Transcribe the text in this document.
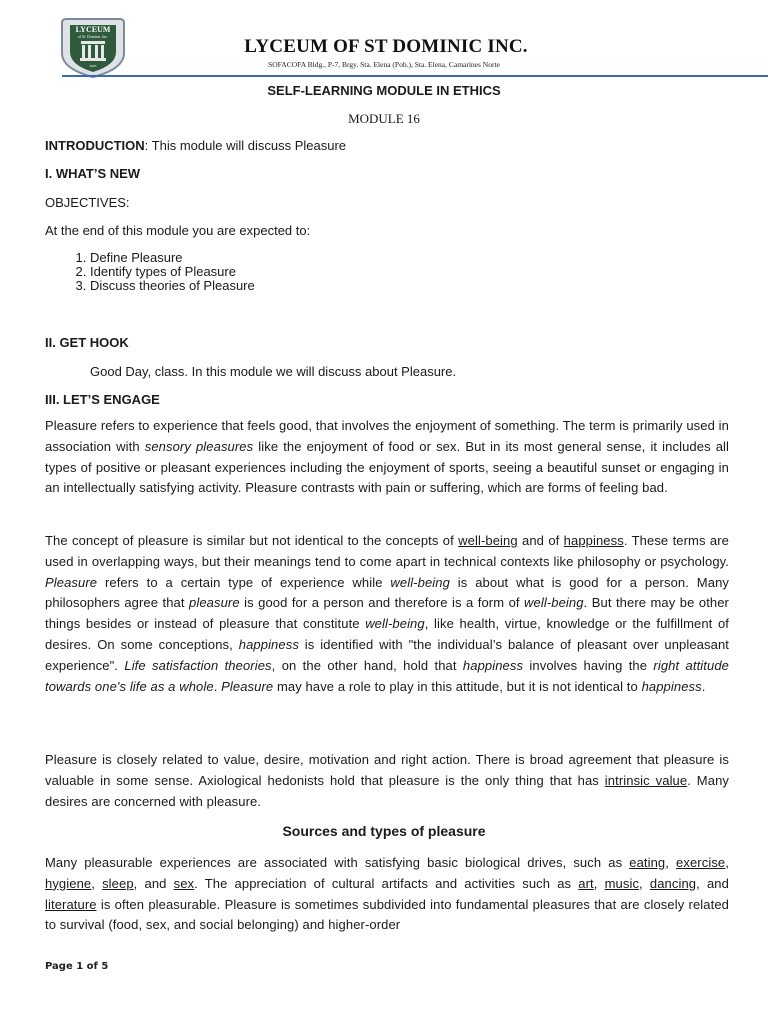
LYCEUM
of St. Dominic, Inc.
2005
LYCEUM OF ST DOMINIC INC.
SOFACOFA Bldg., P-7, Brgy. Sta. Elena (Pob.), Sta. Elena, Camarines Norte
SELF-LEARNING MODULE IN ETHICS
MODULE 16
INTRODUCTION: This module will discuss Pleasure
I. WHAT’S NEW
OBJECTIVES:
At the end of this module you are expected to:
1. Define Pleasure
2. Identify types of Pleasure
3. Discuss theories of Pleasure
II. GET HOOK
Good Day, class. In this module we will discuss about Pleasure.
III. LET’S ENGAGE

Pleasure refers to experience that feels good, that involves the enjoyment of something. The term is primarily used in association with sensory pleasures like the enjoyment of food or sex. But in its most general sense, it includes all types of positive or pleasant experiences including the enjoyment of sports, seeing a beautiful sunset or engaging in an intellectually satisfying activity. Pleasure contrasts with pain or suffering, which are forms of feeling bad.

The concept of pleasure is similar but not identical to the concepts of well-being and of happiness. These terms are used in overlapping ways, but their meanings tend to come apart in technical contexts like philosophy or psychology. Pleasure refers to a certain type of experience while well-being is about what is good for a person. Many philosophers agree that pleasure is good for a person and therefore is a form of well-being. But there may be other things besides or instead of pleasure that constitute well-being, like health, virtue, knowledge or the fulfillment of desires. On some conceptions, happiness is identified with "the individual’s balance of pleasant over unpleasant experience". Life satisfaction theories, on the other hand, hold that happiness involves having the right attitude towards one's life as a whole. Pleasure may have a role to play in this attitude, but it is not identical to happiness.

Pleasure is closely related to value, desire, motivation and right action. There is broad agreement that pleasure is valuable in some sense. Axiological hedonists hold that pleasure is the only thing that has intrinsic value. Many desires are concerned with pleasure.

Sources and types of pleasure

Many pleasurable experiences are associated with satisfying basic biological drives, such as eating, exercise, hygiene, sleep, and sex. The appreciation of cultural artifacts and activities such as art, music, dancing, and literature is often pleasurable. Pleasure is sometimes subdivided into fundamental pleasures that are closely related to survival (food, sex, and social belonging) and higher-order

Page 1 of 5
